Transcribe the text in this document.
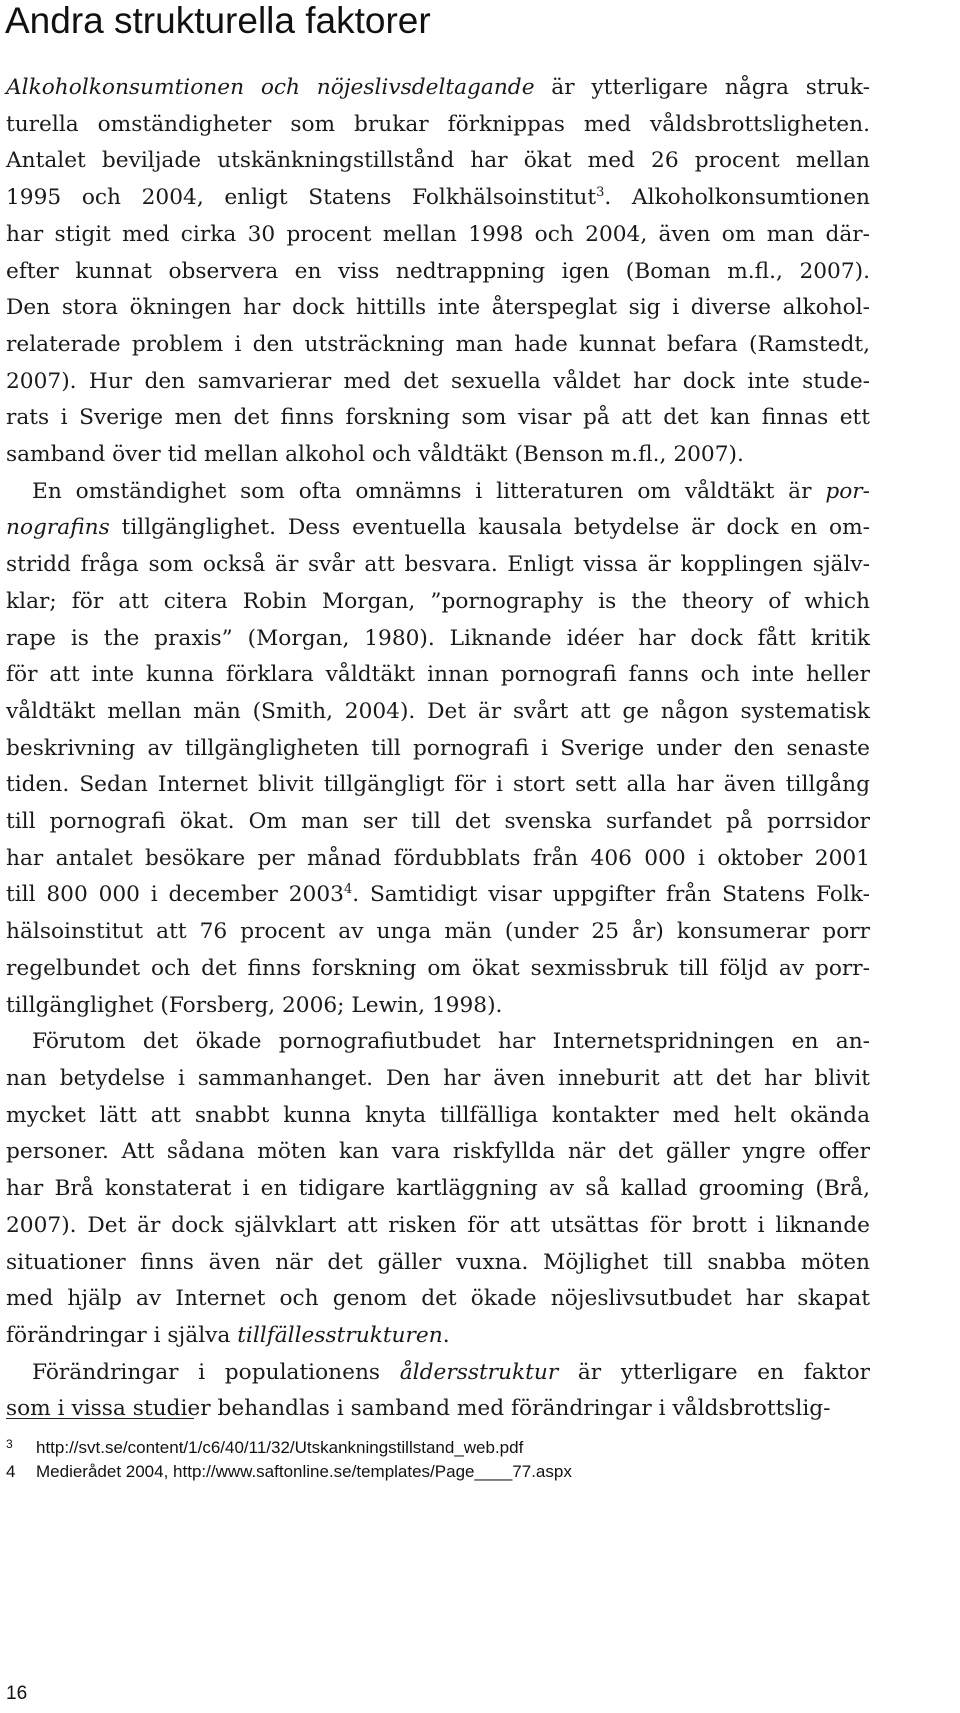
Andra strukturella faktorer
Alkoholkonsumtionen och nöjeslivsdeltagande är ytterligare några struk-
turella omständigheter som brukar förknippas med våldsbrottsligheten.
Antalet beviljade utskänkningstillstånd har ökat med 26 procent mellan
1995 och 2004, enligt Statens Folkhälsoinstitut$^3$. Alkoholkonsumtionen
har stigit med cirka 30 procent mellan 1998 och 2004, även om man där-
efter kunnat observera en viss nedtrappning igen (Boman m.fl., 2007).
Den stora ökningen har dock hittills inte återspeglat sig i diverse alkohol-
relaterade problem i den utsträckning man hade kunnat befara (Ramstedt,
2007). Hur den samvarierar med det sexuella våldet har dock inte stude-
rats i Sverige men det finns forskning som visar på att det kan finnas ett
samband över tid mellan alkohol och våldtäkt (Benson m.fl., 2007).
En omständighet som ofta omnämns i litteraturen om våldtäkt är por-
nografins tillgänglighet. Dess eventuella kausala betydelse är dock en om-
stridd fråga som också är svår att besvara. Enligt vissa är kopplingen själv-
klar; för att citera Robin Morgan, ”pornography is the theory of which
rape is the praxis” (Morgan, 1980). Liknande idéer har dock fått kritik
för att inte kunna förklara våldtäkt innan pornografi fanns och inte heller
våldtäkt mellan män (Smith, 2004). Det är svårt att ge någon systematisk
beskrivning av tillgängligheten till pornografi i Sverige under den senaste
tiden. Sedan Internet blivit tillgängligt för i stort sett alla har även tillgång
till pornografi ökat. Om man ser till det svenska surfandet på porrsidor
har antalet besökare per månad fördubblats från 406 000 i oktober 2001
till 800 000 i december 2003$^4$. Samtidigt visar uppgifter från Statens Folk-
hälsoinstitut att 76 procent av unga män (under 25 år) konsumerar porr
regelbundet och det finns forskning om ökat sexmissbruk till följd av porr-
tillgänglighet (Forsberg, 2006; Lewin, 1998).
Förutom det ökade pornografiutbudet har Internetspridningen en an-
nan betydelse i sammanhanget. Den har även inneburit att det har blivit
mycket lätt att snabbt kunna knyta tillfälliga kontakter med helt okända
personer. Att sådana möten kan vara riskfyllda när det gäller yngre offer
har Brå konstaterat i en tidigare kartläggning av så kallad grooming (Brå,
2007). Det är dock självklart att risken för att utsättas för brott i liknande
situationer finns även när det gäller vuxna. Möjlighet till snabba möten
med hjälp av Internet och genom det ökade nöjeslivsutbudet har skapat
förändringar i själva tillfällesstrukturen.
Förändringar i populationens åldersstruktur är ytterligare en faktor
som i vissa studier behandlas i samband med förändringar i våldsbrottslig-
3 http://svt.se/content/1/c6/40/11/32/Utskankningstillstand_web.pdf
4 Medierådet 2004, http://www.saftonline.se/templates/Page____77.aspx
16
